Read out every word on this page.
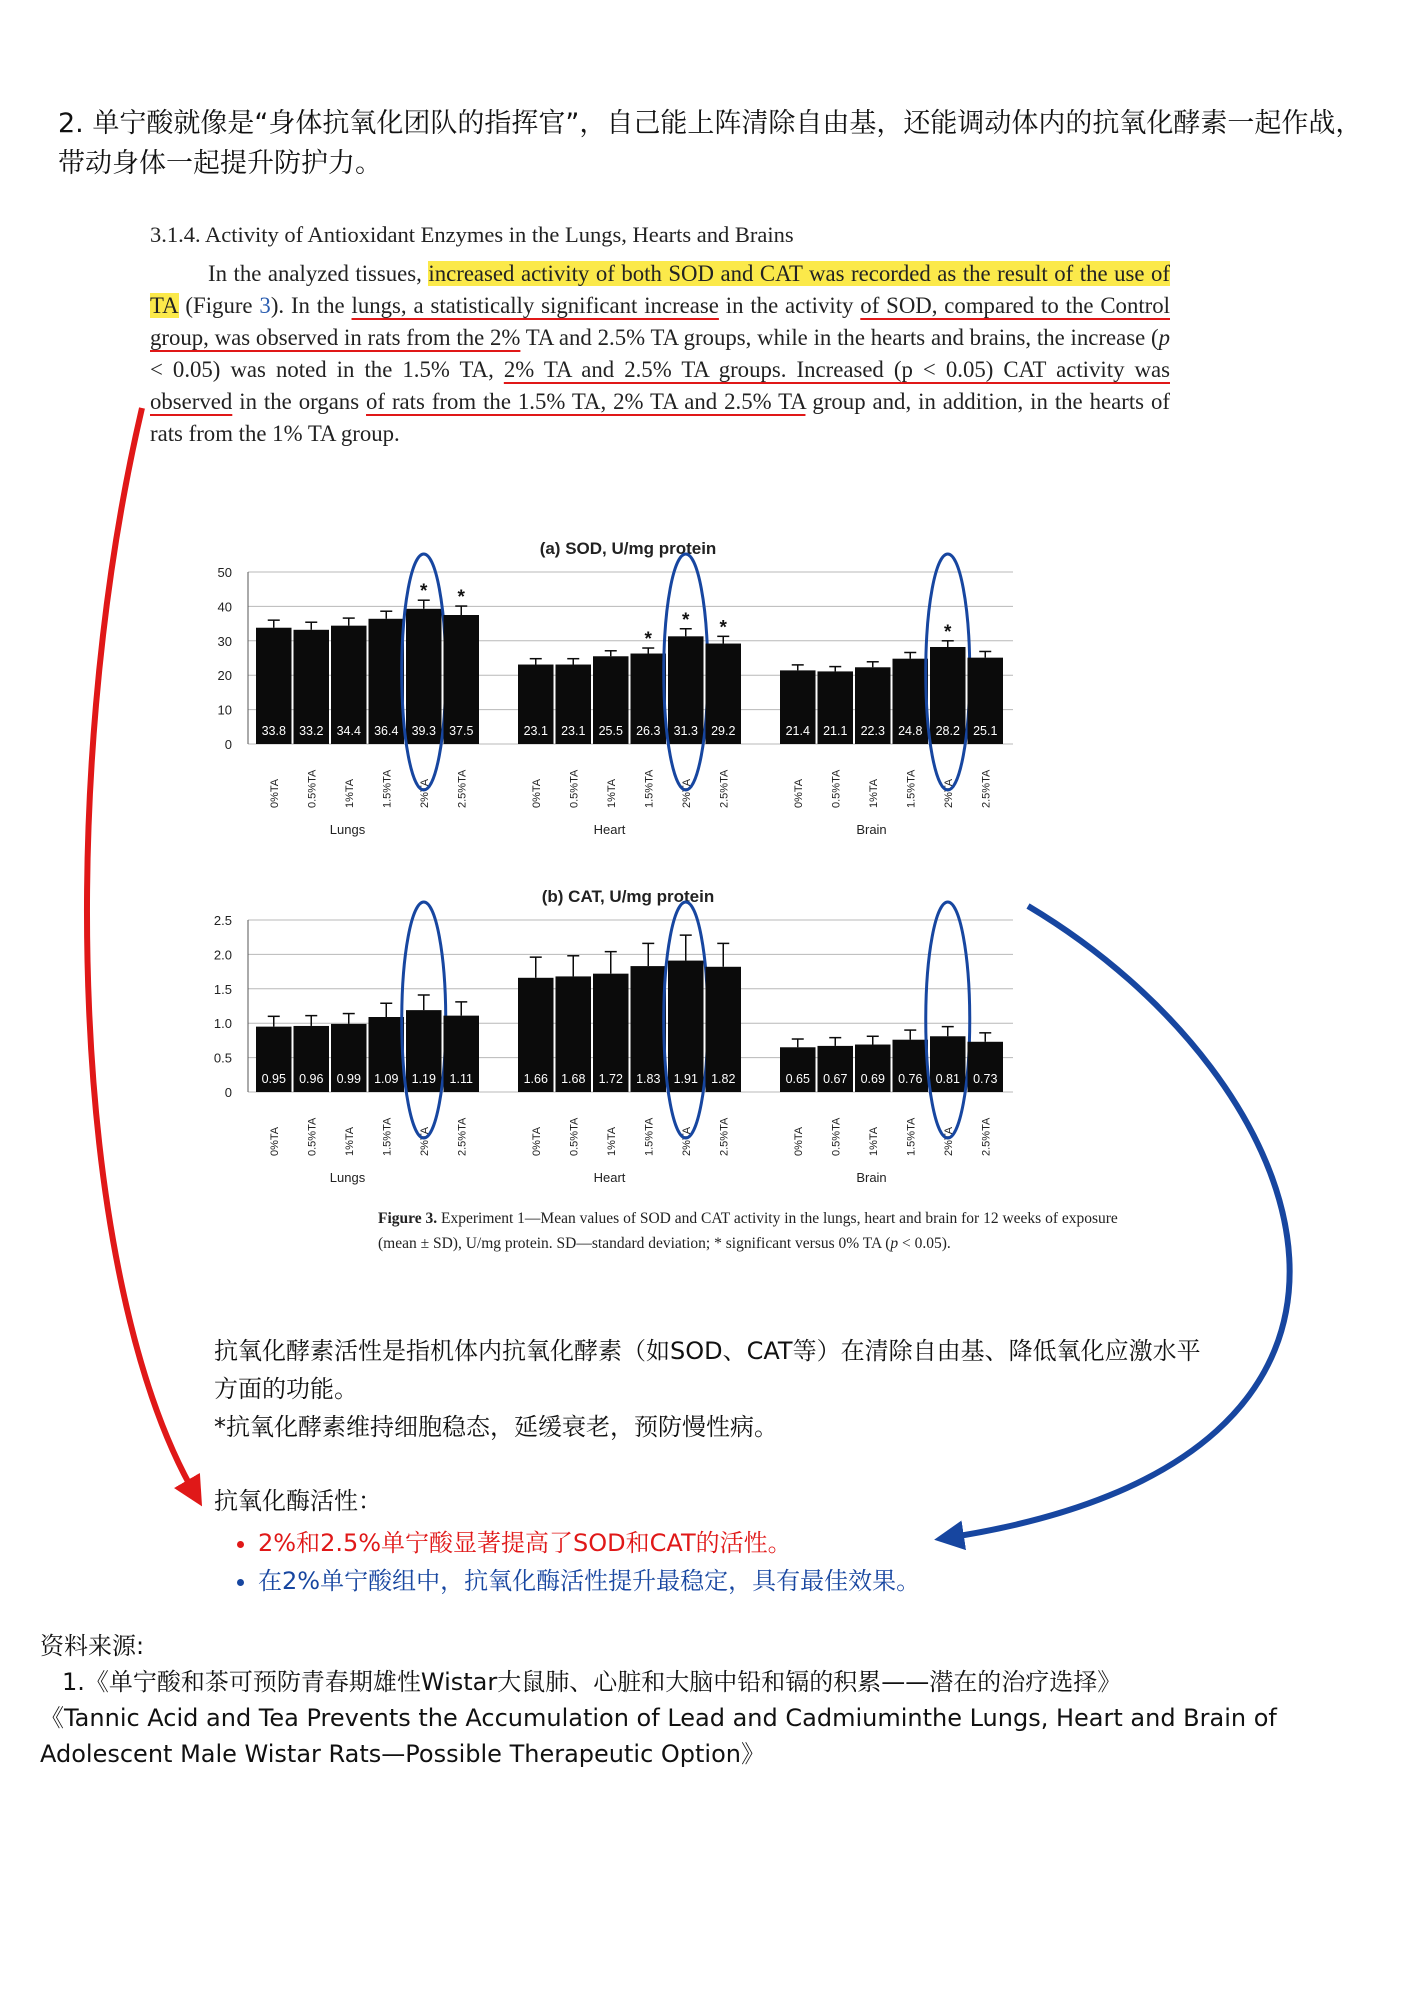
2. 单宁酸就像是“身体抗氧化团队的指挥官”，自己能上阵清除自由基，还能调动体内的抗氧化酵素一起作战，带动身体一起提升防护力。
3.1.4. Activity of Antioxidant Enzymes in the Lungs, Hearts and Brains
In the analyzed tissues, increased activity of both SOD and CAT was recorded as the result of the use of TA (Figure 3). In the lungs, a statistically significant increase in the activity of SOD, compared to the Control group, was observed in rats from the 2% TA and 2.5% TA groups, while in the hearts and brains, the increase (p < 0.05) was noted in the 1.5% TA, 2% TA and 2.5% TA groups. Increased (p < 0.05) CAT activity was observed in the organs of rats from the 1.5% TA, 2% TA and 2.5% TA group and, in addition, in the hearts of rats from the 1% TA group.
(a) SOD, U/mg protein
0
10
20
30
40
50
33.8
0%TA
33.2
0.5%TA
34.4
1%TA
36.4
1.5%TA
*
39.3
2%TA
*
37.5
2.5%TA
Lungs
23.1
0%TA
23.1
0.5%TA
25.5
1%TA
*
26.3
1.5%TA
*
31.3
2%TA
*
29.2
2.5%TA
Heart
21.4
0%TA
21.1
0.5%TA
22.3
1%TA
24.8
1.5%TA
*
28.2
2%TA
25.1
2.5%TA
Brain
(b) CAT, U/mg protein
0
0.5
1.0
1.5
2.0
2.5
0.95
0%TA
0.96
0.5%TA
0.99
1%TA
1.09
1.5%TA
1.19
2%TA
1.11
2.5%TA
Lungs
1.66
0%TA
1.68
0.5%TA
1.72
1%TA
1.83
1.5%TA
1.91
2%TA
1.82
2.5%TA
Heart
0.65
0%TA
0.67
0.5%TA
0.69
1%TA
0.76
1.5%TA
0.81
2%TA
0.73
2.5%TA
Brain
Figure 3. Experiment 1—Mean values of SOD and CAT activity in the lungs, heart and brain for 12 weeks of exposure (mean ± SD), U/mg protein. SD—standard deviation; * significant versus 0% TA (p < 0.05).
抗氧化酵素活性是指机体内抗氧化酵素（如SOD、CAT等）在清除自由基、降低氧化应激水平方面的功能。
*抗氧化酵素维持细胞稳态，延缓衰老，预防慢性病。
抗氧化酶活性：
• 2%和2.5%单宁酸显著提高了SOD和CAT的活性。
• 在2%单宁酸组中，抗氧化酶活性提升最稳定，具有最佳效果。
资料来源:
1.《单宁酸和茶可预防青春期雄性Wistar大鼠肺、心脏和大脑中铅和镉的积累——潜在的治疗选择》
《Tannic Acid and Tea Prevents the Accumulation of Lead and Cadmiuminthe Lungs, Heart and Brain of Adolescent Male Wistar Rats—Possible Therapeutic Option》
